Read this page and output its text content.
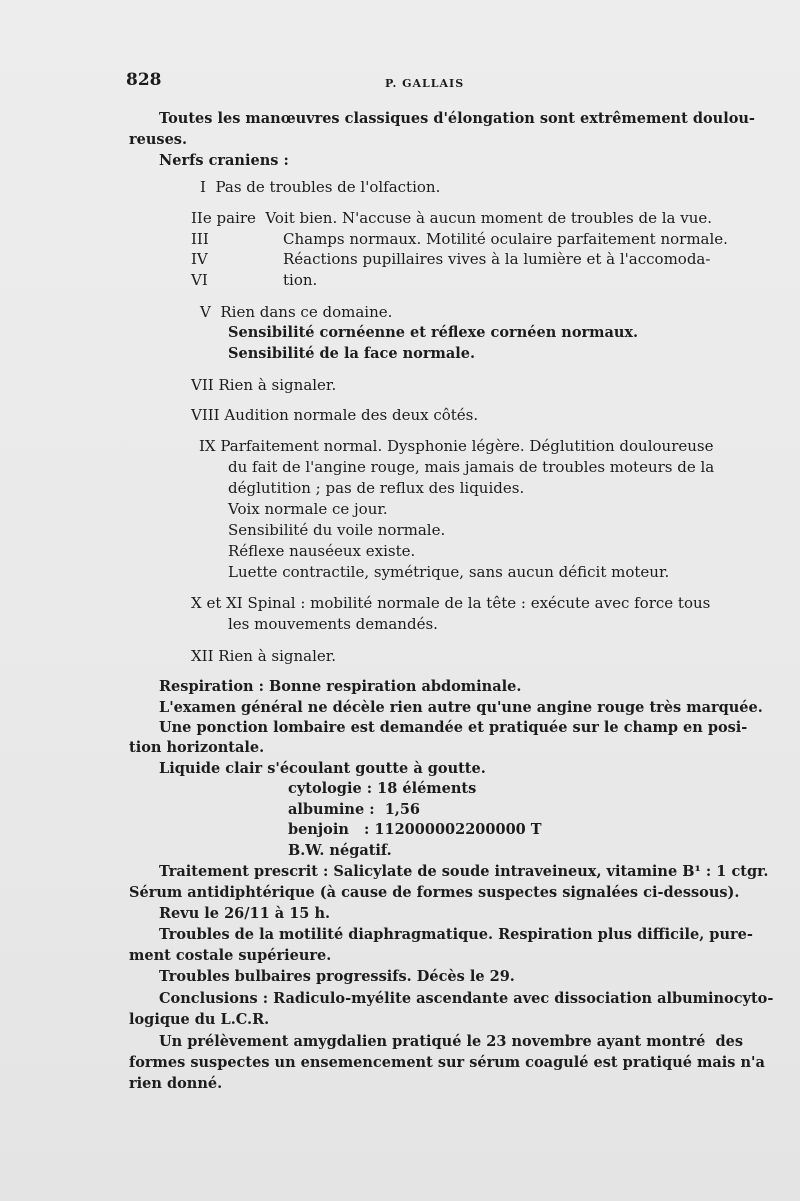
828	P. GALLAIS
Toutes les manœuvres classiques d'élongation sont extrêmement doulou-
reuses.
Nerfs craniens :
I  Pas de troubles de l'olfaction.
IIe paire  Voit bien. N'accuse à aucun moment de troubles de la vue.
III	Champs normaux. Motilité oculaire parfaitement normale.
IV	Réactions pupillaires vives à la lumière et à l'accomoda-
VI	tion.
V  Rien dans ce domaine.
Sensibilité cornéenne et réflexe cornéen normaux.
Sensibilité de la face normale.
VII Rien à signaler.
VIII Audition normale des deux côtés.
IX Parfaitement normal. Dysphonie légère. Déglutition douloureuse
du fait de l'angine rouge, mais jamais de troubles moteurs de la
déglutition ; pas de reflux des liquides.
Voix normale ce jour.
Sensibilité du voile normale.
Réflexe nauséeux existe.
Luette contractile, symétrique, sans aucun déficit moteur.
X et XI Spinal : mobilité normale de la tête : exécute avec force tous
les mouvements demandés.
XII Rien à signaler.
Respiration : Bonne respiration abdominale.
L'examen général ne décèle rien autre qu'une angine rouge très marquée.
Une ponction lombaire est demandée et pratiquée sur le champ en posi-
tion horizontale.
Liquide clair s'écoulant goutte à goutte.
cytologie : 18 éléments
albumine :  1,56
benjoin   : 112000002200000 T
B.W. négatif.
Traitement prescrit : Salicylate de soude intraveineux, vitamine B¹ : 1 ctgr.
Sérum antidiphtérique (à cause de formes suspectes signalées ci-dessous).
Revu le 26/11 à 15 h.
Troubles de la motilité diaphragmatique. Respiration plus difficile, pure-
ment costale supérieure.
Troubles bulbaires progressifs. Décès le 29.
Conclusions : Radiculo-myélite ascendante avec dissociation albuminocyto-
logique du L.C.R.
Un prélèvement amygdalien pratiqué le 23 novembre ayant montré  des
formes suspectes un ensemencement sur sérum coagulé est pratiqué mais n'a
rien donné.
